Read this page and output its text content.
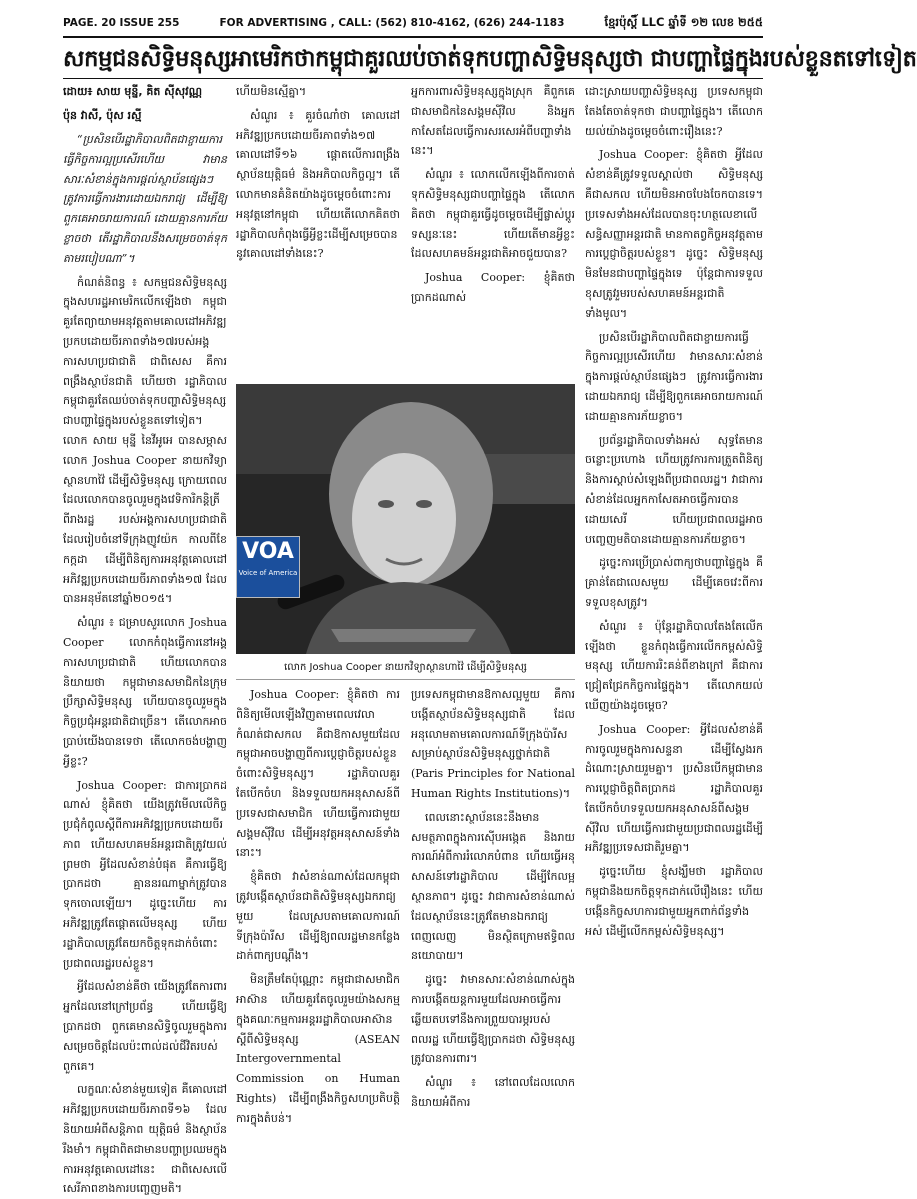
PAGE. 20 ISSUE 255	FOR ADVERTISING , CALL: (562) 810-4162, (626) 244-1183	ខ្មែរប៉ុស្តិ៍ LLC ឆ្នាំទី ១២ លេខ ២៥៥
សកម្មជនសិទ្ធិមនុស្សអាមេរិកថាកម្ពុជាគួរឈប់ចាត់ទុកបញ្ហាសិទ្ធិមនុស្សថា ជាបញ្ហាផ្ទៃក្នុងរបស់ខ្លួនតទៅទៀត

ដោយ៖ សាយ មុន្នី, គិត ស៊ីសុវណ្ណ

ប៉ុន វាសី, ប៉ុស រស្មី

“ប្រសិនបើរដ្ឋាភិបាលពិតជាខ្ចាយការធ្វើកិច្ចការល្អប្រសើរហើយ វាមានសារៈសំខាន់ក្នុងការផ្ដល់ស្ថាប័នផ្សេងៗ ត្រូវការធ្វើការងារដោយឯករាជ្យ ដើម្បីឱ្យពួកគេអាចរាយការណ៍ ដោយគ្មានការភ័យខ្លាចថា តើរដ្ឋាភិបាលនឹងសម្រេចចាត់ទុកតាមរបៀបណា”។

កំណត់និពន្ធ ៖ សកម្មជនសិទ្ធិមនុស្សក្នុងសហរដ្ឋអាមេរិកលើកឡើងថា កម្ពុជាគួរតែព្យាយាមអនុវត្តតាមគោលដៅអភិវឌ្ឍប្រកបដោយចីរភាពទាំង១៧របស់អង្គការសហប្រជាជាតិ ជាពិសេស គឺការពង្រឹងស្ថាប័នជាតិ ហើយថា រដ្ឋាភិបាលកម្ពុជាគួរតែឈប់ចាត់ទុកបញ្ហាសិទ្ធិមនុស្ស ជាបញ្ហាផ្ទៃក្នុងរបស់ខ្លួនតទៅទៀត។ លោក សាយ មុន្នី នៃវីអូអេ បានសម្ភាសលោក Joshua Cooper នាយកវិទ្យាស្ថានហាវ៉ៃ ដើម្បីសិទ្ធិមនុស្ស ក្រោយពេលដែលលោកបានចូលរួមក្នុងវេទិការិកន្តិត្រីពីរាងរដ្ឋ របស់អង្គការសហប្រជាជាតិ ដែលរៀបចំនៅទីក្រុងញូវយ៉ក កាលពីខែកក្កដា ដើម្បីពិនិត្យការអនុវត្តគោលដៅអភិវឌ្ឍប្រកបដោយចីរភាពទាំង១៧ ដែលបានអនុម័តនៅឆ្នាំ២០១៥។

សំណួរ ៖ ជម្រាបសួរលោក Joshua Cooper លោកកំពុងធ្វើការនៅអង្គការសហប្រជាជាតិ ហើយលោកបាននិយាយថា កម្ពុជាមានសមាជិកនៃក្រុមប្រឹក្សាសិទ្ធិមនុស្ស ហើយបានចូលរួមក្នុងកិច្ចប្រជុំអន្តរជាតិជាច្រើន។ តើលោកអាចប្រាប់យើងបានទេថា តើលោកចង់បង្ហាញអ្វីខ្លះ?

Joshua Cooper: ជាការប្រាកដណាស់ ខ្ញុំគិតថា យើងត្រូវមើលលើកិច្ចប្រជុំកំពូលស្ដីពីការអភិវឌ្ឍប្រកបដោយចីរភាព ហើយសហគមន៍អន្តរជាតិត្រូវយល់ព្រមថា អ្វីដែលសំខាន់បំផុត គឺការធ្វើឱ្យប្រាកដថា គ្មាននរណាម្នាក់ត្រូវបានទុកចោលឡើយ។ ដូច្នេះហើយ ការអភិវឌ្ឍត្រូវតែផ្ដោតលើមនុស្ស ហើយរដ្ឋាភិបាលត្រូវតែយកចិត្តទុកដាក់ចំពោះប្រជាពលរដ្ឋរបស់ខ្លួន។

អ្វីដែលសំខាន់គឺថា យើងត្រូវតែការពារអ្នកដែលនៅក្រៅប្រព័ន្ធ ហើយធ្វើឱ្យប្រាកដថា ពួកគេមានសិទ្ធិចូលរួមក្នុងការសម្រេចចិត្តដែលប៉ះពាល់ដល់ជីវិតរបស់ពួកគេ។

លក្ខណៈសំខាន់មួយទៀត គឺគោលដៅអភិវឌ្ឍប្រកបដោយចីរភាពទី១៦ ដែលនិយាយអំពីសន្តិភាព យុត្តិធម៌ និងស្ថាប័នរឹងមាំ។ កម្ពុជាពិតជាមានបញ្ហាប្រឈមក្នុងការអនុវត្តគោលដៅនេះ ជាពិសេសលើសេរីភាពខាងការបញ្ចេញមតិ។

ហើយមិនស្មើគ្នា។

សំណួរ ៖ គួរចំណាំថា គោលដៅអភិវឌ្ឍប្រកបដោយចីរភាពទាំង១៧ គោលដៅទី១៦ ផ្ដោតលើការពង្រឹងស្ថាប័នយុត្តិធម៌ និងអភិបាលកិច្ចល្អ។ តើលោកមានគំនិតយ៉ាងដូចម្ដេចចំពោះការអនុវត្តនៅកម្ពុជា ហើយតើលោកគិតថា រដ្ឋាភិបាលកំពុងធ្វើអ្វីខ្លះដើម្បីសម្រេចបាននូវគោលដៅទាំងនេះ?

អ្នកការពារសិទ្ធិមនុស្សក្នុងស្រុក គឺពួកគេជាសមាជិកនៃសង្គមស៊ីវិល និងអ្នកកាសែតដែលធ្វើការសរសេរអំពីបញ្ហាទាំងនេះ។

សំណួរ ៖ លោកលើកឡើងពីការចាត់ទុកសិទ្ធិមនុស្សជាបញ្ហាផ្ទៃក្នុង តើលោកគិតថា កម្ពុជាគួរធ្វើដូចម្ដេចដើម្បីផ្លាស់ប្ដូរទស្សនៈនេះ ហើយតើមានអ្វីខ្លះដែលសហគមន៍អន្តរជាតិអាចជួយបាន?

Joshua Cooper: ខ្ញុំគិតថា ប្រាកដណាស់

VOA
Voice of America
លោក Joshua Cooper នាយកវិទ្យាស្ថានហាវ៉ៃ ដើម្បីសិទ្ធិមនុស្ស

Joshua Cooper: ខ្ញុំគិតថា ការពិនិត្យមើលឡើងវិញតាមពេលវេលាកំណត់ជាសកល គឺជាឱកាសមួយដែលកម្ពុជាអាចបង្ហាញពីការប្ដេជ្ញាចិត្តរបស់ខ្លួនចំពោះសិទ្ធិមនុស្ស។ រដ្ឋាភិបាលគួរតែបើកចំហ និងទទួលយកអនុសាសន៍ពីប្រទេសជាសមាជិក ហើយធ្វើការជាមួយសង្គមស៊ីវិល ដើម្បីអនុវត្តអនុសាសន៍ទាំងនោះ។

ខ្ញុំគិតថា វាសំខាន់ណាស់ដែលកម្ពុជាត្រូវបង្កើតស្ថាប័នជាតិសិទ្ធិមនុស្សឯករាជ្យមួយ ដែលស្របតាមគោលការណ៍ទីក្រុងប៉ារីស ដើម្បីឱ្យពលរដ្ឋមានកន្លែងដាក់ពាក្យបណ្ដឹង។

មិនត្រឹមតែប៉ុណ្ណោះ កម្ពុជាជាសមាជិកអាស៊ាន ហើយគួរតែចូលរួមយ៉ាងសកម្មក្នុងគណៈកម្មការអន្តររដ្ឋាភិបាលអាស៊ានស្ដីពីសិទ្ធិមនុស្ស (ASEAN Intergovernmental Commission on Human Rights) ដើម្បីពង្រឹងកិច្ចសហប្រតិបត្តិការក្នុងតំបន់។

ប្រទេសកម្ពុជាមានឱកាសល្អមួយ គឺការបង្កើតស្ថាប័នសិទ្ធិមនុស្សជាតិ ដែលអនុលោមតាមគោលការណ៍ទីក្រុងប៉ារីស សម្រាប់ស្ថាប័នសិទ្ធិមនុស្សថ្នាក់ជាតិ (Paris Principles for National Human Rights Institutions)។

ពេលនោះស្ថាប័ននេះនឹងមានសមត្ថភាពក្នុងការស៊ើបអង្កេត និងរាយការណ៍អំពីការរំលោភបំពាន ហើយធ្វើអនុសាសន៍ទៅរដ្ឋាភិបាល ដើម្បីកែលម្អស្ថានភាព។ ដូច្នេះ វាជាការសំខាន់ណាស់ដែលស្ថាប័ននេះត្រូវតែមានឯករាជ្យពេញលេញ មិនស្ថិតក្រោមឥទ្ធិពលនយោបាយ។

ដូច្នេះ វាមានសារៈសំខាន់ណាស់ក្នុងការបង្កើតយន្តការមួយដែលអាចធ្វើការឆ្លើយតបទៅនឹងការព្រួយបារម្ភរបស់ពលរដ្ឋ ហើយធ្វើឱ្យប្រាកដថា សិទ្ធិមនុស្សត្រូវបានការពារ។

សំណួរ ៖ នៅពេលដែលលោកនិយាយអំពីការ

ដោះស្រាយបញ្ហាសិទ្ធិមនុស្ស ប្រទេសកម្ពុជាតែងតែចាត់ទុកថា ជាបញ្ហាផ្ទៃក្នុង។ តើលោកយល់យ៉ាងដូចម្ដេចចំពោះរឿងនេះ?

Joshua Cooper: ខ្ញុំគិតថា អ្វីដែលសំខាន់គឺត្រូវទទួលស្គាល់ថា សិទ្ធិមនុស្សគឺជាសកល ហើយមិនអាចបែងចែកបានទេ។ ប្រទេសទាំងអស់ដែលបានចុះហត្ថលេខាលើសន្ធិសញ្ញាអន្តរជាតិ មានកាតព្វកិច្ចអនុវត្តតាមការប្ដេជ្ញាចិត្តរបស់ខ្លួន។ ដូច្នេះ សិទ្ធិមនុស្សមិនមែនជាបញ្ហាផ្ទៃក្នុងទេ ប៉ុន្តែជាការទទួលខុសត្រូវរួមរបស់សហគមន៍អន្តរជាតិទាំងមូល។

ប្រសិនបើរដ្ឋាភិបាលពិតជាខ្ចាយការធ្វើកិច្ចការល្អប្រសើរហើយ វាមានសារៈសំខាន់ក្នុងការផ្ដល់ស្ថាប័នផ្សេងៗ ត្រូវការធ្វើការងារដោយឯករាជ្យ ដើម្បីឱ្យពួកគេអាចរាយការណ៍ដោយគ្មានការភ័យខ្លាច។

ប្រព័ន្ធរដ្ឋាភិបាលទាំងអស់ សុទ្ធតែមានចន្លោះប្រហោង ហើយត្រូវការការត្រួតពិនិត្យ និងការស្ដាប់សំឡេងពីប្រជាពលរដ្ឋ។ វាជាការសំខាន់ដែលអ្នកកាសែតអាចធ្វើការបានដោយសេរី ហើយប្រជាពលរដ្ឋអាចបញ្ចេញមតិបានដោយគ្មានការភ័យខ្លាច។

ដូច្នេះការប្រើប្រាស់ពាក្យថាបញ្ហាផ្ទៃក្នុង គឺគ្រាន់តែជាលេសមួយ ដើម្បីគេចវេះពីការទទួលខុសត្រូវ។

សំណួរ ៖ ប៉ុន្តែរដ្ឋាភិបាលតែងតែលើកឡើងថា ខ្លួនកំពុងធ្វើការលើកកម្ពស់សិទ្ធិមនុស្ស ហើយការរិះគន់ពីខាងក្រៅ គឺជាការជ្រៀតជ្រែកកិច្ចការផ្ទៃក្នុង។ តើលោកយល់ឃើញយ៉ាងដូចម្ដេច?

Joshua Cooper: អ្វីដែលសំខាន់គឺការចូលរួមក្នុងការសន្ទនា ដើម្បីស្វែងរកដំណោះស្រាយរួមគ្នា។ ប្រសិនបើកម្ពុជាមានការប្ដេជ្ញាចិត្តពិតប្រាកដ រដ្ឋាភិបាលគួរតែបើកចំហទទួលយកអនុសាសន៍ពីសង្គមស៊ីវិល ហើយធ្វើការជាមួយប្រជាពលរដ្ឋដើម្បីអភិវឌ្ឍប្រទេសជាតិរួមគ្នា។

ដូច្នេះហើយ ខ្ញុំសង្ឃឹមថា រដ្ឋាភិបាលកម្ពុជានឹងយកចិត្តទុកដាក់លើរឿងនេះ ហើយបង្កើនកិច្ចសហការជាមួយអ្នកពាក់ព័ន្ធទាំងអស់ ដើម្បីលើកកម្ពស់សិទ្ធិមនុស្ស។
